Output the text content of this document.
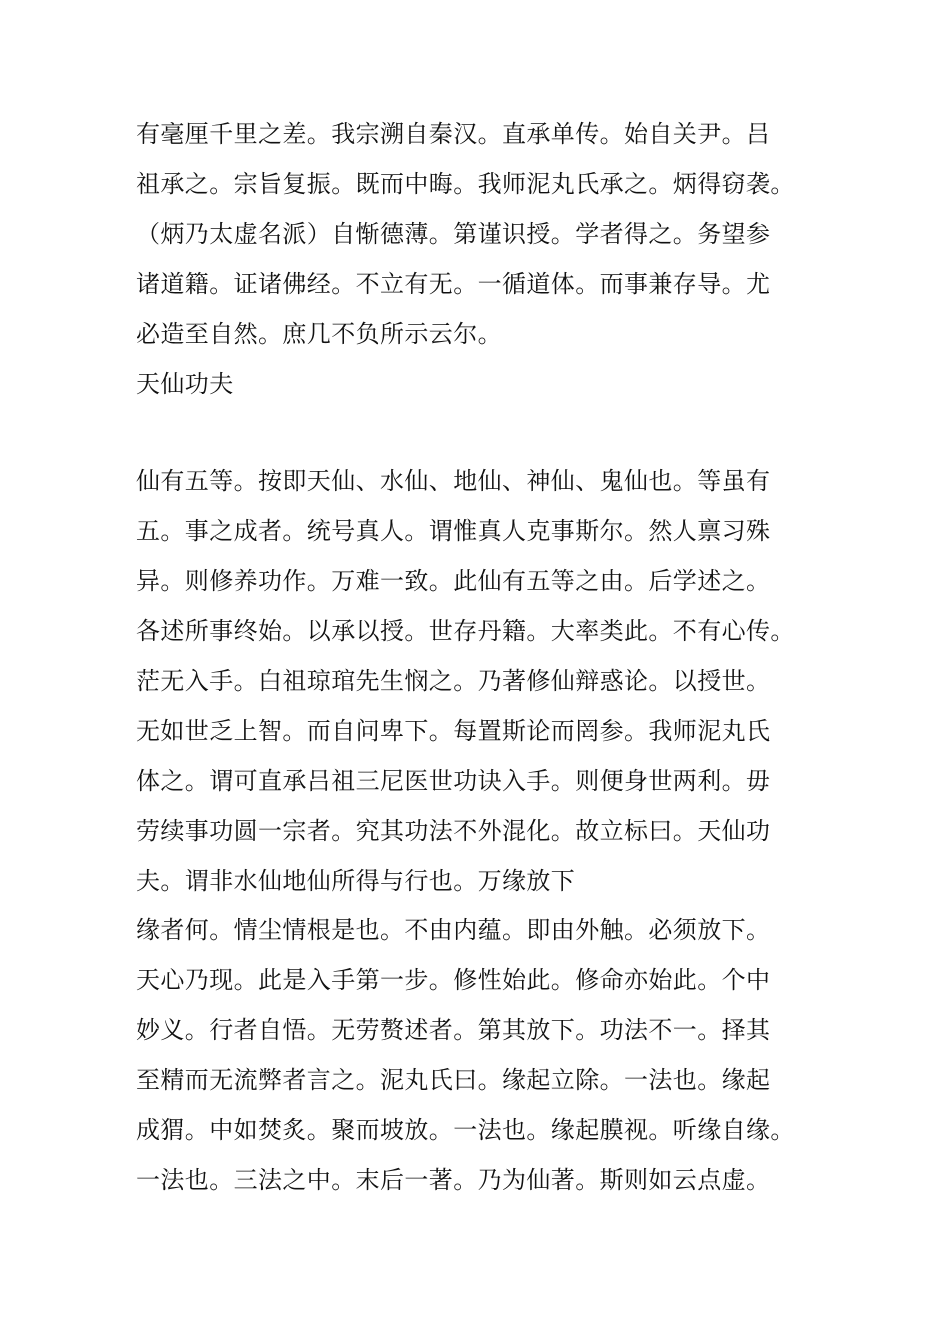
有毫厘千里之差。我宗溯自秦汉。直承单传。始自关尹。吕

祖承之。宗旨复振。既而中晦。我师泥丸氏承之。炳得窃袭。

（炳乃太虚名派）自惭德薄。第谨识授。学者得之。务望参

诸道籍。证诸佛经。不立有无。一循道体。而事兼存导。尤

必造至自然。庶几不负所示云尔。

天仙功夫

仙有五等。按即天仙、水仙、地仙、神仙、鬼仙也。等虽有

五。事之成者。统号真人。谓惟真人克事斯尔。然人禀习殊

异。则修养功作。万难一致。此仙有五等之由。后学述之。

各述所事终始。以承以授。世存丹籍。大率类此。不有心传。

茫无入手。白祖琼琯先生悯之。乃著修仙辩惑论。以授世。

无如世乏上智。而自问卑下。每置斯论而罔参。我师泥丸氏

体之。谓可直承吕祖三尼医世功诀入手。则便身世两利。毋

劳续事功圆一宗者。究其功法不外混化。故立标曰。天仙功

夫。谓非水仙地仙所得与行也。万缘放下

缘者何。情尘情根是也。不由内蕴。即由外触。必须放下。

天心乃现。此是入手第一步。修性始此。修命亦始此。个中

妙义。行者自悟。无劳赘述者。第其放下。功法不一。择其

至精而无流弊者言之。泥丸氏曰。缘起立除。一法也。缘起

成猬。中如焚炙。聚而坡放。一法也。缘起膜视。听缘自缘。

一法也。三法之中。末后一著。乃为仙著。斯则如云点虚。
